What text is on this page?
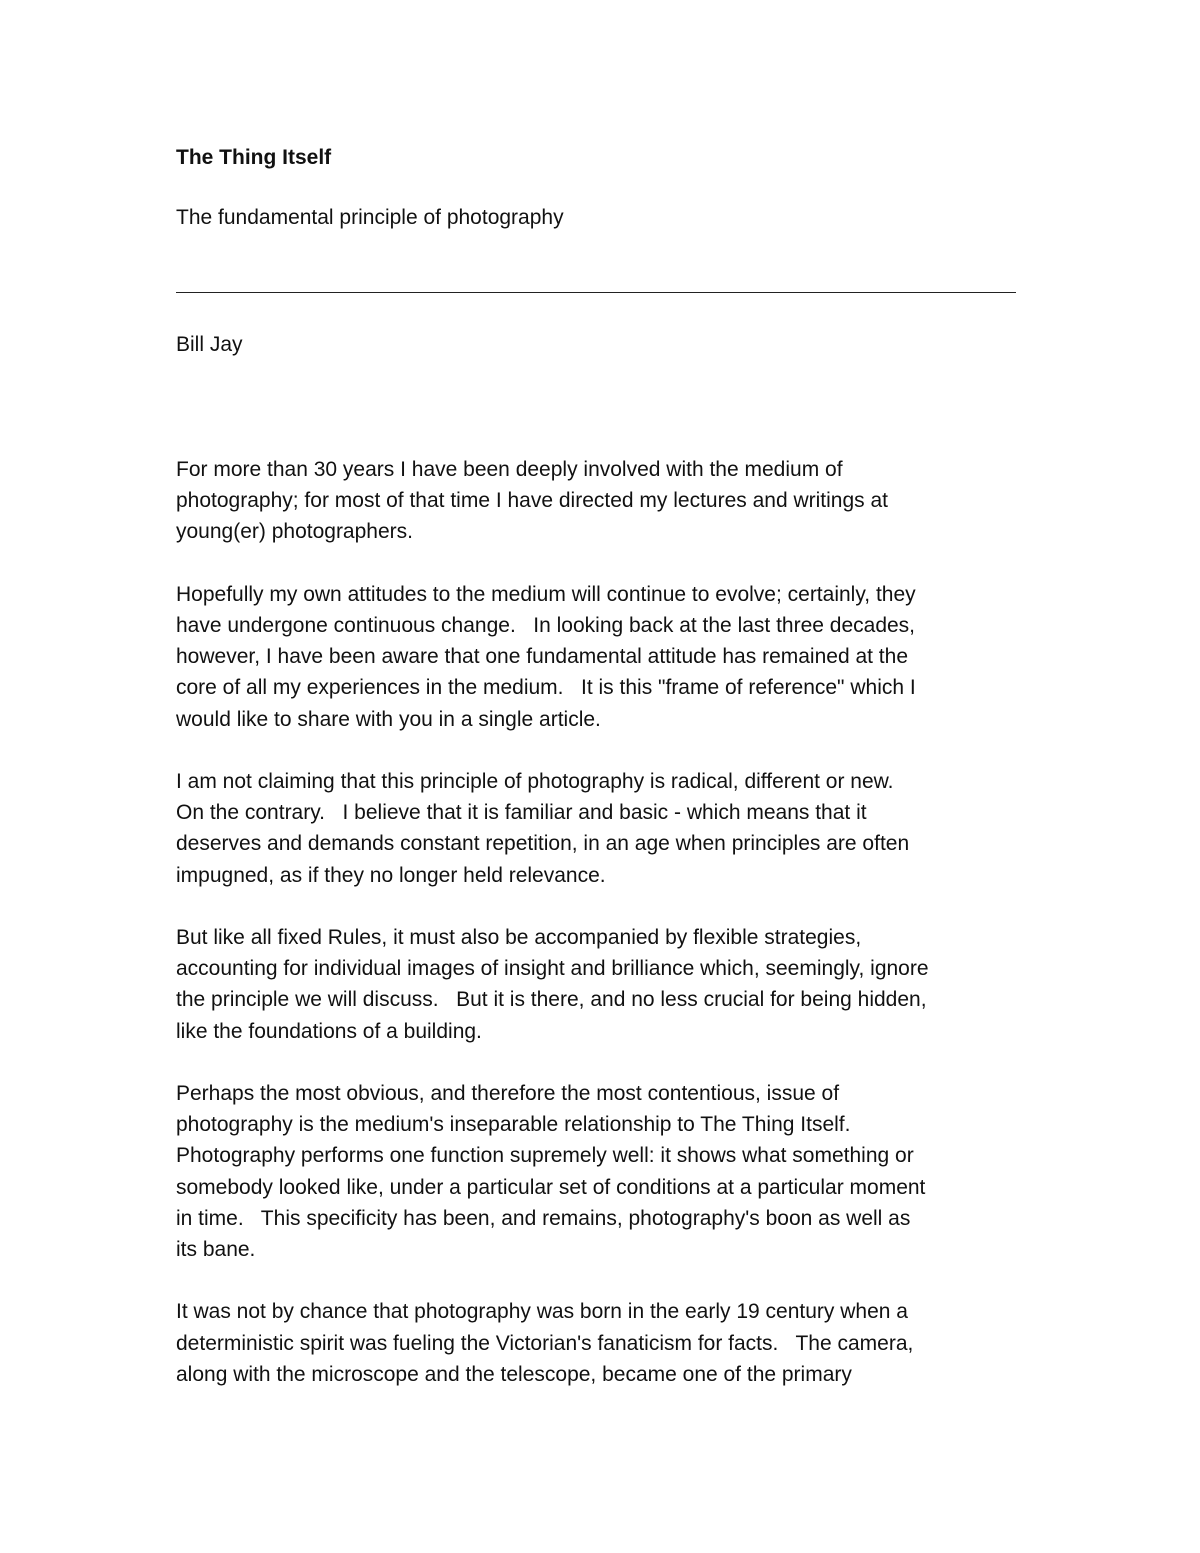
The Thing Itself
The fundamental principle of photography
Bill Jay
For more than 30 years I have been deeply involved with the medium of
photography; for most of that time I have directed my lectures and writings at
young(er) photographers.
Hopefully my own attitudes to the medium will continue to evolve; certainly, they
have undergone continuous change.   In looking back at the last three decades,
however, I have been aware that one fundamental attitude has remained at the
core of all my experiences in the medium.   It is this "frame of reference" which I
would like to share with you in a single article.
I am not claiming that this principle of photography is radical, different or new.
On the contrary.   I believe that it is familiar and basic - which means that it
deserves and demands constant repetition, in an age when principles are often
impugned, as if they no longer held relevance.
But like all fixed Rules, it must also be accompanied by flexible strategies,
accounting for individual images of insight and brilliance which, seemingly, ignore
the principle we will discuss.   But it is there, and no less crucial for being hidden,
like the foundations of a building.
Perhaps the most obvious, and therefore the most contentious, issue of
photography is the medium's inseparable relationship to The Thing Itself.
Photography performs one function supremely well: it shows what something or
somebody looked like, under a particular set of conditions at a particular moment
in time.   This specificity has been, and remains, photography's boon as well as
its bane.
It was not by chance that photography was born in the early 19 century when a
deterministic spirit was fueling the Victorian's fanaticism for facts.   The camera,
along with the microscope and the telescope, became one of the primary
